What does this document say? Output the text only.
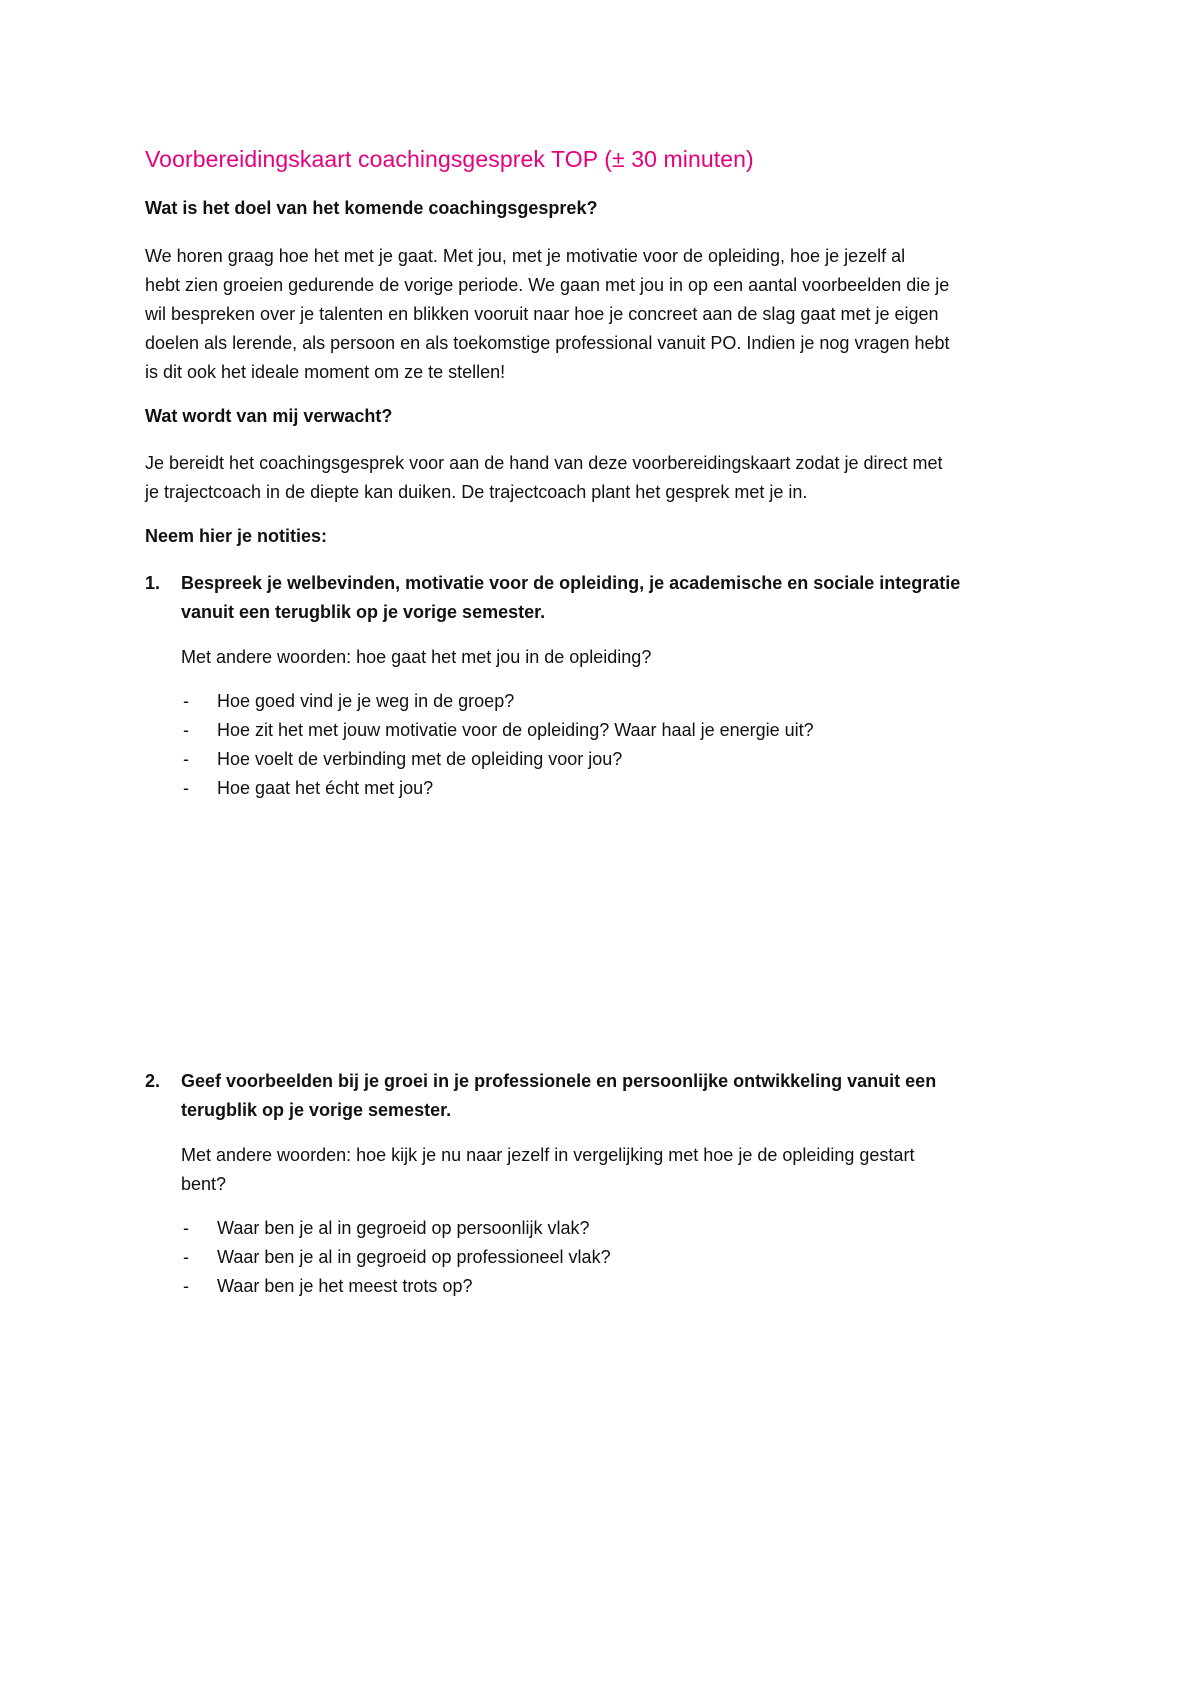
Voorbereidingskaart coachingsgesprek TOP (± 30 minuten)
Wat is het doel van het komende coachingsgesprek?
We horen graag hoe het met je gaat. Met jou, met je motivatie voor de opleiding, hoe je jezelf al
hebt zien groeien gedurende de vorige periode. We gaan met jou in op een aantal voorbeelden die je
wil bespreken over je talenten en blikken vooruit naar hoe je concreet aan de slag gaat met je eigen
doelen als lerende, als persoon en als toekomstige professional vanuit PO. Indien je nog vragen hebt
is dit ook het ideale moment om ze te stellen!
Wat wordt van mij verwacht?
Je bereidt het coachingsgesprek voor aan de hand van deze voorbereidingskaart zodat je direct met
je trajectcoach in de diepte kan duiken. De trajectcoach plant het gesprek met je in.
Neem hier je notities:
1. Bespreek je welbevinden, motivatie voor de opleiding, je academische en sociale integratie
vanuit een terugblik op je vorige semester.
Met andere woorden: hoe gaat het met jou in de opleiding?
- Hoe goed vind je je weg in de groep?
- Hoe zit het met jouw motivatie voor de opleiding? Waar haal je energie uit?
- Hoe voelt de verbinding met de opleiding voor jou?
- Hoe gaat het écht met jou?
2. Geef voorbeelden bij je groei in je professionele en persoonlijke ontwikkeling vanuit een
terugblik op je vorige semester.
Met andere woorden: hoe kijk je nu naar jezelf in vergelijking met hoe je de opleiding gestart
bent?
- Waar ben je al in gegroeid op persoonlijk vlak?
- Waar ben je al in gegroeid op professioneel vlak?
- Waar ben je het meest trots op?
